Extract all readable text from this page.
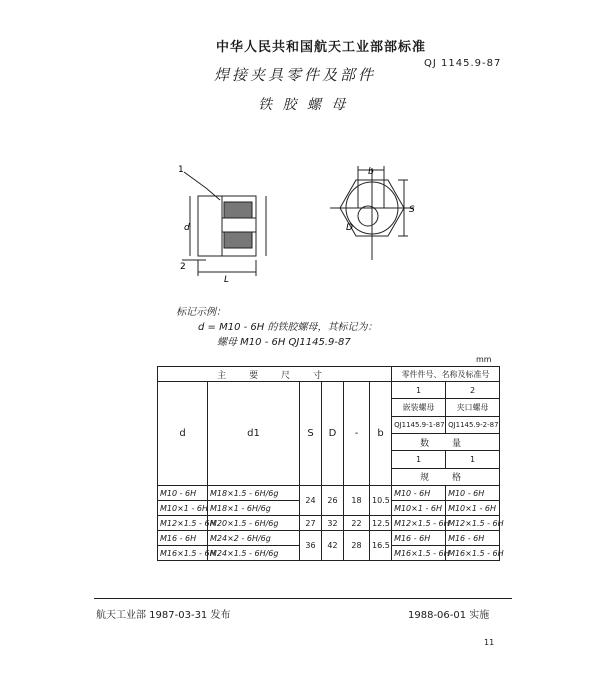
中华人民共和国航天工业部部标准
QJ 1145.9-87
焊接夹具零件及部件
铁 胶 螺 母
d
L
2
1	b
S
D
标记示例：
d = M10 - 6H 的铁胶螺母，其标记为：
螺母 M10 - 6H QJ1145.9-87
mm
主 要 尺 寸						零件件号、名称及标准号	
d	d1	S	D	-	b	1	2
						嵌装螺母	夹口螺母
						QJ1145.9-1-87	QJ1145.9-2-87
						数 量	
						1	1
						规 格	
M10 - 6H	M18×1.5 - 6H/6g	24	26	18	10.5	M10 - 6H	M10 - 6H
M10×1 - 6H	M18×1 - 6H/6g					M10×1 - 6H	M10×1 - 6H
M12×1.5 - 6H	M20×1.5 - 6H/6g	27	32	22	12.5	M12×1.5 - 6H	M12×1.5 - 6H
M16 - 6H	M24×2 - 6H/6g	36	42	28	16.5	M16 - 6H	M16 - 6H
M16×1.5 - 6H	M24×1.5 - 6H/6g					M16×1.5 - 6H	M16×1.5 - 6H
航天工业部 1987-03-31 发布	1988-06-01 实施
11
